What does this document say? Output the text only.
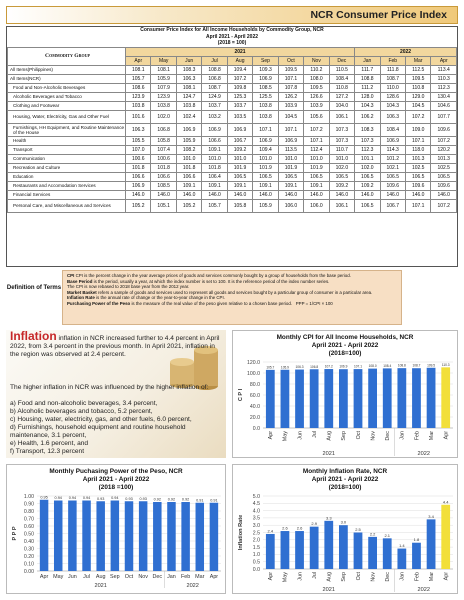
NCR Consumer Price Index
Consumer Price Index for All Income Households by Commodity Group, NCR
April 2021 - April 2022
(2018 = 100)
Commodity Group	2021									2022			
	Apr	May	Jun	Jul	Aug	Sep	Oct	Nov	Dec	Jan	Feb	Mar	Apr
All Items(Philippines)	108.1	108.1	108.3	108.8	109.4	109.3	109.5	110.2	110.5	111.7	111.8	112.5	113.4
All Items(NCR)	105.7	105.9	106.3	106.8	107.2	106.9	107.1	108.0	108.4	108.8	108.7	109.5	110.3
Food and Non-Alcoholic Beverages	108.6	107.9	108.1	108.7	109.8	108.5	107.8	109.5	110.8	111.2	110.0	110.8	112.3
Alcoholic Beverages and Tobacco	123.9	123.9	124.7	124.9	125.3	125.5	126.2	126.6	127.2	128.0	128.6	129.0	130.4
Clothing and Footwear	103.8	103.8	103.8	103.7	103.7	103.8	103.9	103.9	104.0	104.3	104.3	104.5	104.6
Housing, Water, Electricity, Gas and Other Fuel	101.6	102.0	102.4	103.2	103.5	103.8	104.5	105.6	106.1	106.2	106.3	107.2	107.7
Furnishings, HH Equipment, and Routine Maintenance of the House	106.3	106.8	106.9	106.9	106.9	107.1	107.1	107.2	107.3	108.3	108.4	109.0	109.6
Health	105.5	105.8	105.9	106.6	106.7	106.9	106.9	107.1	107.3	107.3	106.9	107.1	107.2
Transport	107.0	107.4	108.2	109.1	109.2	109.4	113.5	112.4	110.7	112.3	114.3	118.0	120.2
Communication	100.6	100.6	101.0	101.0	101.0	101.0	101.0	101.0	101.0	101.1	101.2	101.3	101.3
Recreation and Culture	101.8	101.8	101.8	101.8	101.9	101.9	101.9	101.9	102.0	102.0	102.1	102.5	102.5
Education	106.6	106.6	106.6	106.4	106.5	106.5	106.5	106.5	106.5	106.5	106.5	106.5	106.5
Restaurants and Accomodation Services	106.9	108.5	109.1	109.1	109.1	109.1	109.1	109.1	109.2	109.2	109.6	109.6	109.6
Financial Services	146.0	146.0	146.0	146.0	146.0	146.0	146.0	146.0	146.0	146.0	146.0	146.0	146.0
Personal Care, and Miscellaneous and Services	105.2	105.1	105.2	105.7	105.8	105.9	106.0	106.0	106.1	106.5	106.7	107.1	107.2
Definition of Terms

CPI CPI is the percent change in the year average prices of goods and services commonly bought by a group of households from the base period.

Base Period is the period, usually a year, at which the index number is set to 100. It is the reference period of the index number series.

The CPI is now rebased to 2018 base year from the 2012 year.

Market Basket refers a sample of goods and services used to represent all goods and services bought by a particular group of consumer in a particular area.

Inflation Rate is the annual rate of change or the year-to-year change in the CPI.

Purchasing Power of the Peso is the measure of the real value of the peso given relative to a chosen base period. PPP = 1/CPI × 100

Inflation inflation in NCR increased further to 4.4 percent in April 2022, from 3.4 percent in the previous month. In April 2021, inflation in the region was observed at 2.4 percent.
The higher inflation in NCR was influenced by the higher inflation of:
a) Food and non-alcoholic beverages, 3.4 percent,
b) Alcoholic beverages and tobacco, 5.2 percent,
c) Housing, water, electricity, gas, and other fuels, 6.0 percent,
d) Furnishings, household equipment and routine household maintenance, 3.1 percent,
e) Health, 1.6 percent, and
f) Transport, 12.3 percent
Monthly CPI for All Income Households, NCR
April 2021 - April 2022
(2018=100)
0.0
20.0
40.0
60.0
80.0
100.0
120.0
C P I
105.7
Apr
105.9
May
106.3
Jun
106.8
Jul
107.2
Aug
106.9
Sep
107.1
Oct
108.0
Nov
108.4
Dec
108.8
Jan
108.7
Feb
109.5
Mar
110.3
Apr
2021	2022
Monthly Puchasing Power of the Peso, NCR
April 2021 - April 2022
(2018 =100)
0.00
0.10
0.20
0.30
0.40
0.50
0.60
0.70
0.80
0.90
1.00
P P P
0.95
Apr
0.94
May
0.94
Jun
0.94
Jul
0.93
Aug
0.94
Sep
0.93
Oct
0.93
Nov
0.92
Dec
0.92
Jan
0.92
Feb
0.91
Mar
0.91
Apr
2021	2022
Monthly Inflation Rate, NCR
April 2021 - April 2022
(2018=100)
0.0
0.5
1.0
1.5
2.0
2.5
3.0
3.5
4.0
4.5
5.0
Inflation Rate	2.4
Apr
2.6
May
2.6
Jun
2.9
Jul
3.3
Aug
3.0
Sep
2.5
Oct
2.2
Nov
2.1
Dec
1.4
Jan
1.8
Feb
3.4
Mar
4.4
Apr
2021	2022
